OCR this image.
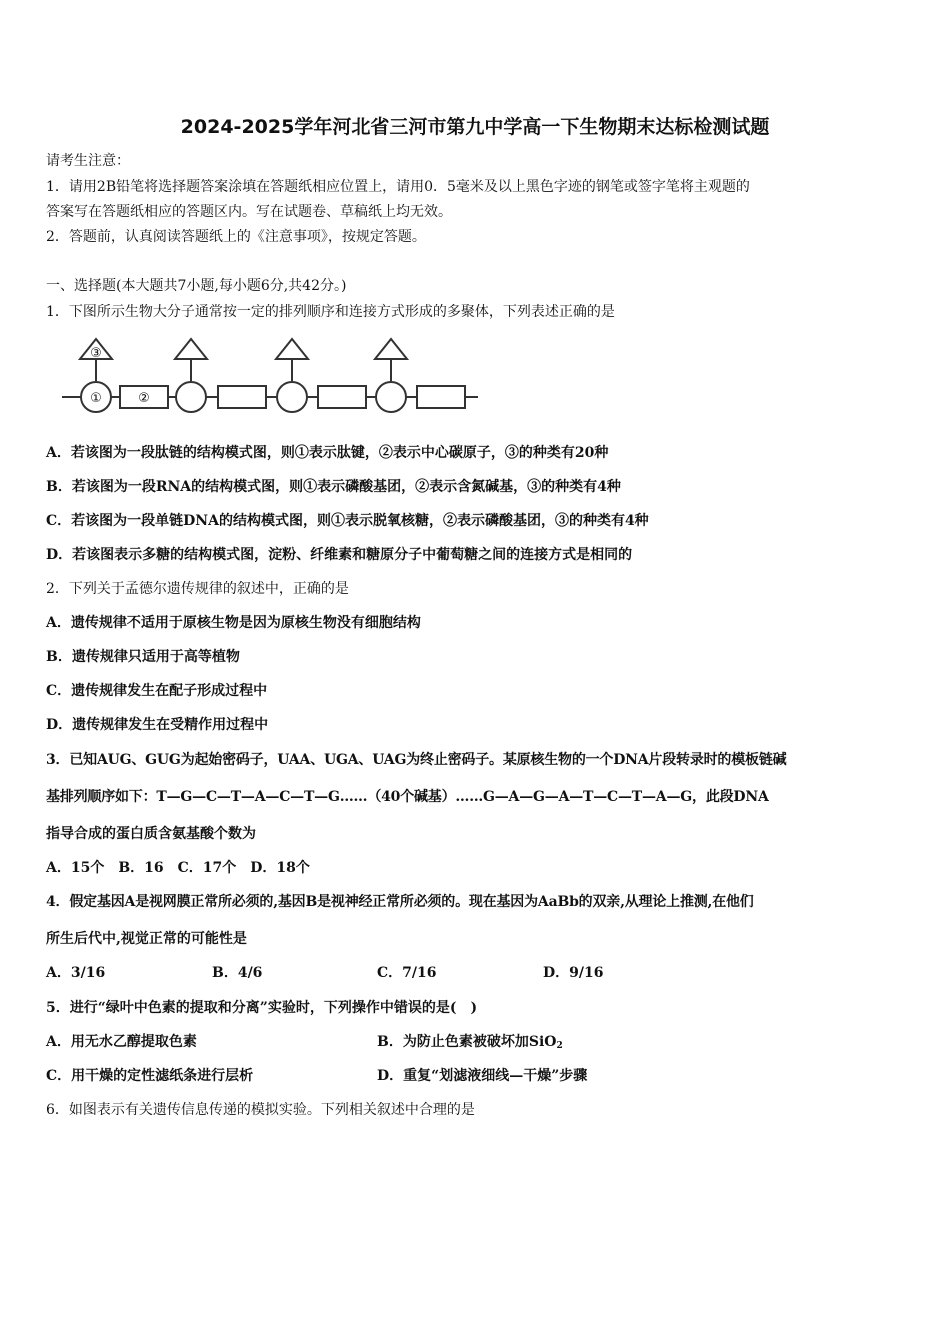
2024-2025学年河北省三河市第九中学高一下生物期末达标检测试题
请考生注意：
1．请用2B铅笔将选择题答案涂填在答题纸相应位置上，请用0．5毫米及以上黑色字迹的钢笔或签字笔将主观题的
答案写在答题纸相应的答题区内。写在试题卷、草稿纸上均无效。
2．答题前，认真阅读答题纸上的《注意事项》，按规定答题。
一、选择题(本大题共7小题,每小题6分,共42分。)
1．下图所示生物大分子通常按一定的排列顺序和连接方式形成的多聚体，下列表述正确的是
③
①	②
A．若该图为一段肽链的结构模式图，则①表示肽键，②表示中心碳原子，③的种类有20种
B．若该图为一段RNA的结构模式图，则①表示磷酸基团，②表示含氮碱基，③的种类有4种
C．若该图为一段单链DNA的结构模式图，则①表示脱氧核糖，②表示磷酸基团，③的种类有4种
D．若该图表示多糖的结构模式图，淀粉、纤维素和糖原分子中葡萄糖之间的连接方式是相同的
2．下列关于孟德尔遗传规律的叙述中，正确的是
A．遗传规律不适用于原核生物是因为原核生物没有细胞结构
B．遗传规律只适用于高等植物
C．遗传规律发生在配子形成过程中
D．遗传规律发生在受精作用过程中
3．已知AUG、GUG为起始密码子，UAA、UGA、UAG为终止密码子。某原核生物的一个DNA片段转录时的模板链碱
基排列顺序如下：T—G—C—T—A—C—T—G……（40个碱基）……G—A—G—A—T—C—T—A—G，此段DNA
指导合成的蛋白质含氨基酸个数为
A．15个　B．16　C．17个　D．18个
4．假定基因A是视网膜正常所必须的,基因B是视神经正常所必须的。现在基因为AaBb的双亲,从理论上推测,在他们
所生后代中,视觉正常的可能性是
A．3/16	B．4/6	C．7/16	D．9/16
5．进行“绿叶中色素的提取和分离”实验时，下列操作中错误的是(　)
A．用无水乙醇提取色素	B．为防止色素被破坏加SiO$_2$
C．用干燥的定性滤纸条进行层析	D．重复“划滤液细线—干燥”步骤
6．如图表示有关遗传信息传递的模拟实验。下列相关叙述中合理的是
